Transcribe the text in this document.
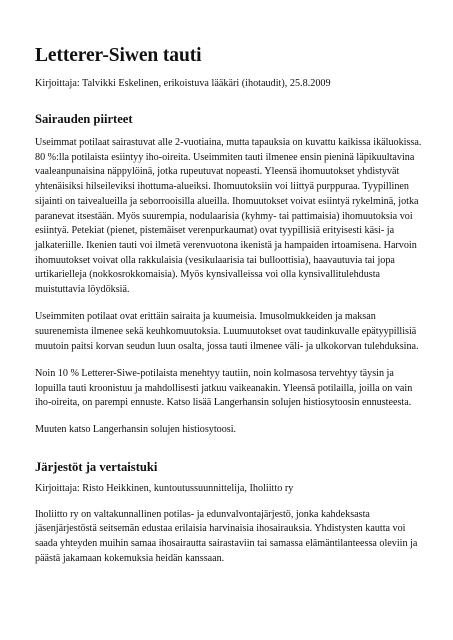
Letterer-Siwen tauti

Kirjoittaja: Talvikki Eskelinen, erikoistuva lääkäri (ihotaudit), 25.8.2009

Sairauden piirteet

Useimmat potilaat sairastuvat alle 2-vuotiaina, mutta tapauksia on kuvattu kaikissa ikäluokissa. 80 %:lla potilaista esiintyy iho-oireita. Useimmiten tauti ilmenee ensin pieninä läpikuultavina vaaleanpunaisina näppylöinä, jotka rupeutuvat nopeasti. Yleensä ihomuutokset yhdistyvät yhtenäisiksi hilseileviksi ihottuma-alueiksi. Ihomuutoksiin voi liittyä purppuraa. Tyypillinen sijainti on taivealueilla ja seborrooisilla alueilla. Ihomuutokset voivat esiintyä rykelminä, jotka paranevat itsestään. Myös suurempia, nodulaarisia (kyhmy- tai pattimaisia) ihomuutoksia voi esiintyä. Petekiat (pienet, pistemäiset verenpurkaumat) ovat tyypillisiä erityisesti käsi- ja jalkateriille. Ikenien tauti voi ilmetä verenvuotona ikenistä ja hampaiden irtoamisena. Harvoin ihomuutokset voivat olla rakkulaisia (vesikulaarisia tai bulloottisia), haavautuvia tai jopa urtikarielleja (nokkosrokkomaisia). Myös kynsivalleissa voi olla kynsivallitulehdusta muistuttavia löydöksiä.

Useimmiten potilaat ovat erittäin sairaita ja kuumeisia. Imusolmukkeiden ja maksan suurenemista ilmenee sekä keuhkomuutoksia. Luumuutokset ovat taudinkuvalle epätyypillisiä muutoin paitsi korvan seudun luun osalta, jossa tauti ilmenee väli- ja ulkokorvan tulehduksina.

Noin 10 % Letterer-Siwe-potilaista menehtyy tautiin, noin kolmasosa tervehtyy täysin ja lopuilla tauti kroonistuu ja mahdollisesti jatkuu vaikeanakin. Yleensä potilailla, joilla on vain iho-oireita, on parempi ennuste. Katso lisää Langerhansin solujen histiosytoosin ennusteesta.

Muuten katso Langerhansin solujen histiosytoosi.

Järjestöt ja vertaistuki

Kirjoittaja: Risto Heikkinen, kuntoutussuunnittelija, Iholiitto ry

Iholiitto ry on valtakunnallinen potilas- ja edunvalvontajärjestö, jonka kahdeksasta jäsenjärjestöstä seitsemän edustaa erilaisia harvinaisia ihosairauksia. Yhdistysten kautta voi saada yhteyden muihin samaa ihosairautta sairastaviin tai samassa elämäntilanteessa oleviin ja päästä jakamaan kokemuksia heidän kanssaan.
